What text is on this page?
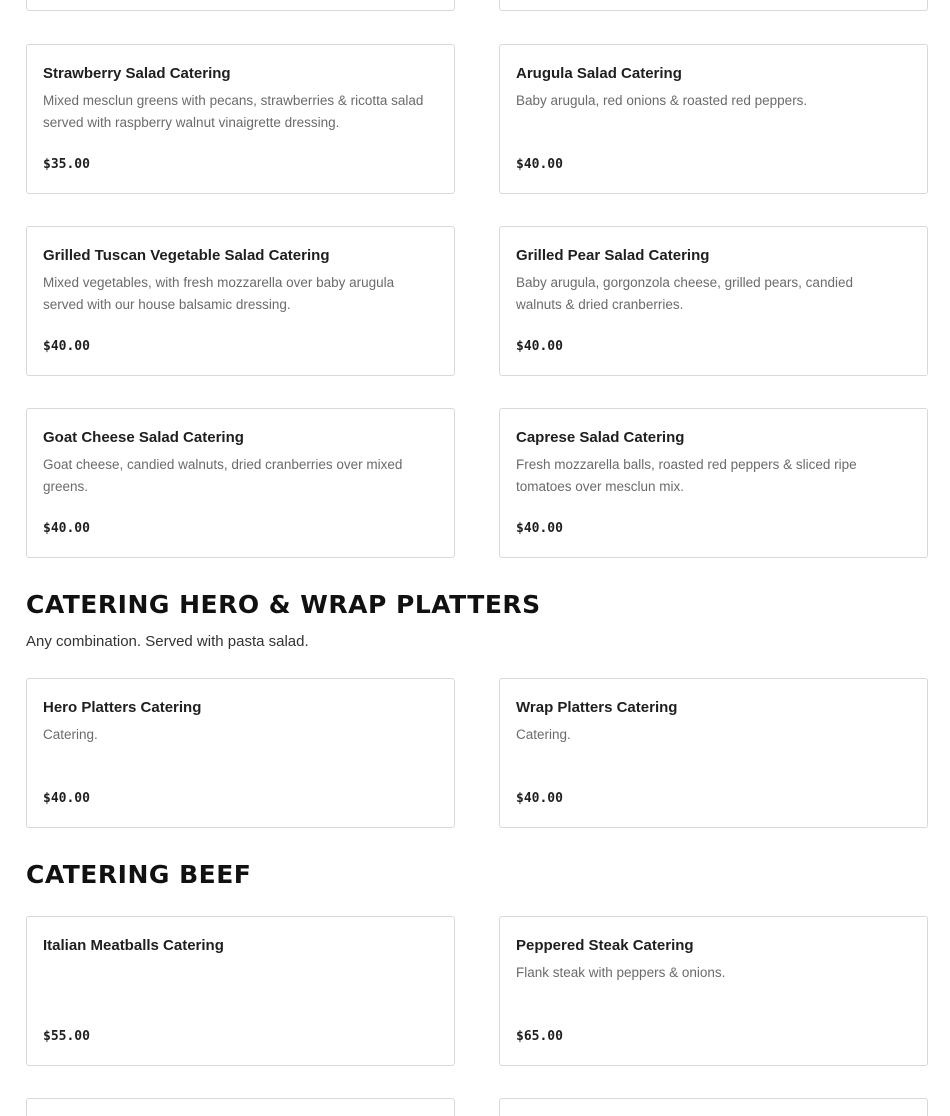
Strawberry Salad Catering
Mixed mesclun greens with pecans, strawberries & ricotta salad served with raspberry walnut vinaigrette dressing.
$35.00
Arugula Salad Catering
Baby arugula, red onions & roasted red peppers.
$40.00
Grilled Tuscan Vegetable Salad Catering
Mixed vegetables, with fresh mozzarella over baby arugula served with our house balsamic dressing.
$40.00
Grilled Pear Salad Catering
Baby arugula, gorgonzola cheese, grilled pears, candied walnuts & dried cranberries.
$40.00
Goat Cheese Salad Catering
Goat cheese, candied walnuts, dried cranberries over mixed greens.
$40.00
Caprese Salad Catering
Fresh mozzarella balls, roasted red peppers & sliced ripe tomatoes over mesclun mix.
$40.00
CATERING HERO & WRAP PLATTERS
Any combination. Served with pasta salad.
Hero Platters Catering
Catering.
$40.00
Wrap Platters Catering
Catering.
$40.00
CATERING BEEF
Italian Meatballs Catering
$55.00
Peppered Steak Catering
Flank steak with peppers & onions.
$65.00
